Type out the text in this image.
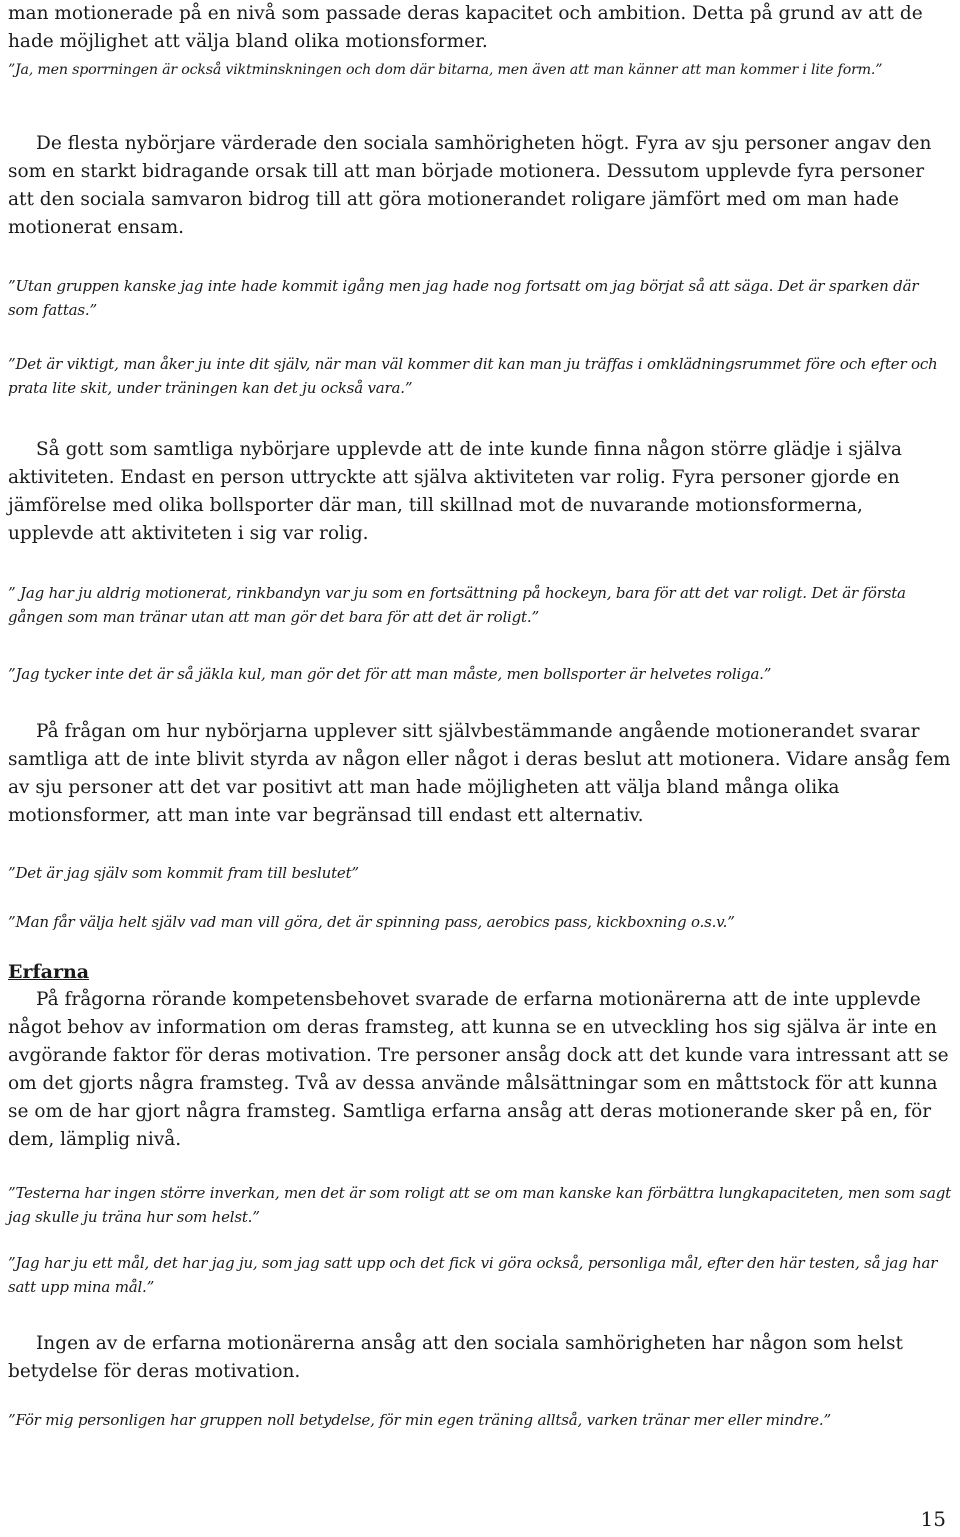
man motionerade på en nivå som passade deras kapacitet och ambition. Detta på grund av att de hade möjlighet att välja bland olika motionsformer.

”Ja, men sporrningen är också viktminskningen och dom där bitarna, men även att man känner att man kommer i lite form.”

De flesta nybörjare värderade den sociala samhörigheten högt. Fyra av sju personer angav den som en starkt bidragande orsak till att man började motionera. Dessutom upplevde fyra personer att den sociala samvaron bidrog till att göra motionerandet roligare jämfört med om man hade motionerat ensam.

”Utan gruppen kanske jag inte hade kommit igång men jag hade nog fortsatt om jag börjat så att säga. Det är sparken där som fattas.”

”Det är viktigt, man åker ju inte dit själv, när man väl kommer dit kan man ju träffas i omklädningsrummet före och efter och prata lite skit, under träningen kan det ju också vara.”

Så gott som samtliga nybörjare upplevde att de inte kunde finna någon större glädje i själva aktiviteten. Endast en person uttryckte att själva aktiviteten var rolig. Fyra personer gjorde en jämförelse med olika bollsporter där man, till skillnad mot de nuvarande motionsformerna, upplevde att aktiviteten i sig var rolig.

” Jag har ju aldrig motionerat, rinkbandyn var ju som en fortsättning på hockeyn, bara för att det var roligt. Det är första gången som man tränar utan att man gör det bara för att det är roligt.”

”Jag tycker inte det är så jäkla kul, man gör det för att man måste, men bollsporter är helvetes roliga.”

På frågan om hur nybörjarna upplever sitt självbestämmande angående motionerandet svarar samtliga att de inte blivit styrda av någon eller något i deras beslut att motionera. Vidare ansåg fem av sju personer att det var positivt att man hade möjligheten att välja bland många olika motionsformer, att man inte var begränsad till endast ett alternativ.

”Det är jag själv som kommit fram till beslutet”

”Man får välja helt själv vad man vill göra, det är spinning pass, aerobics pass, kickboxning o.s.v.”

Erfarna

På frågorna rörande kompetensbehovet svarade de erfarna motionärerna att de inte upplevde något behov av information om deras framsteg, att kunna se en utveckling hos sig själva är inte en avgörande faktor för deras motivation. Tre personer ansåg dock att det kunde vara intressant att se om det gjorts några framsteg. Två av dessa använde målsättningar som en måttstock för att kunna se om de har gjort några framsteg. Samtliga erfarna ansåg att deras motionerande sker på en, för dem, lämplig nivå.

”Testerna har ingen större inverkan, men det är som roligt att se om man kanske kan förbättra lungkapaciteten, men som sagt jag skulle ju träna hur som helst.”

”Jag har ju ett mål, det har jag ju, som jag satt upp och det fick vi göra också, personliga mål, efter den här testen, så jag har satt upp mina mål.”

Ingen av de erfarna motionärerna ansåg att den sociala samhörigheten har någon som helst betydelse för deras motivation.

”För mig personligen har gruppen noll betydelse, för min egen träning alltså, varken tränar mer eller mindre.”

15
